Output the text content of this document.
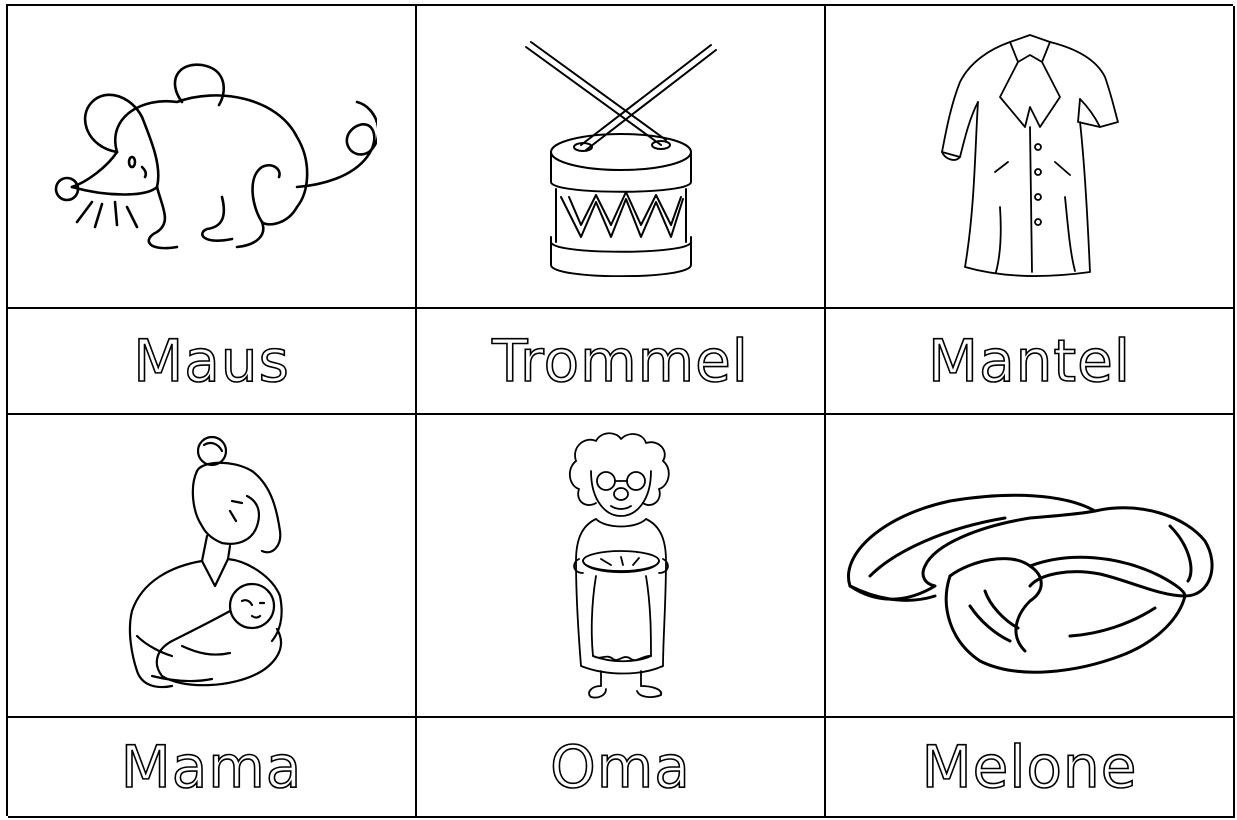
Maus	Trommel	Mantel
Mama	Oma	Melone
